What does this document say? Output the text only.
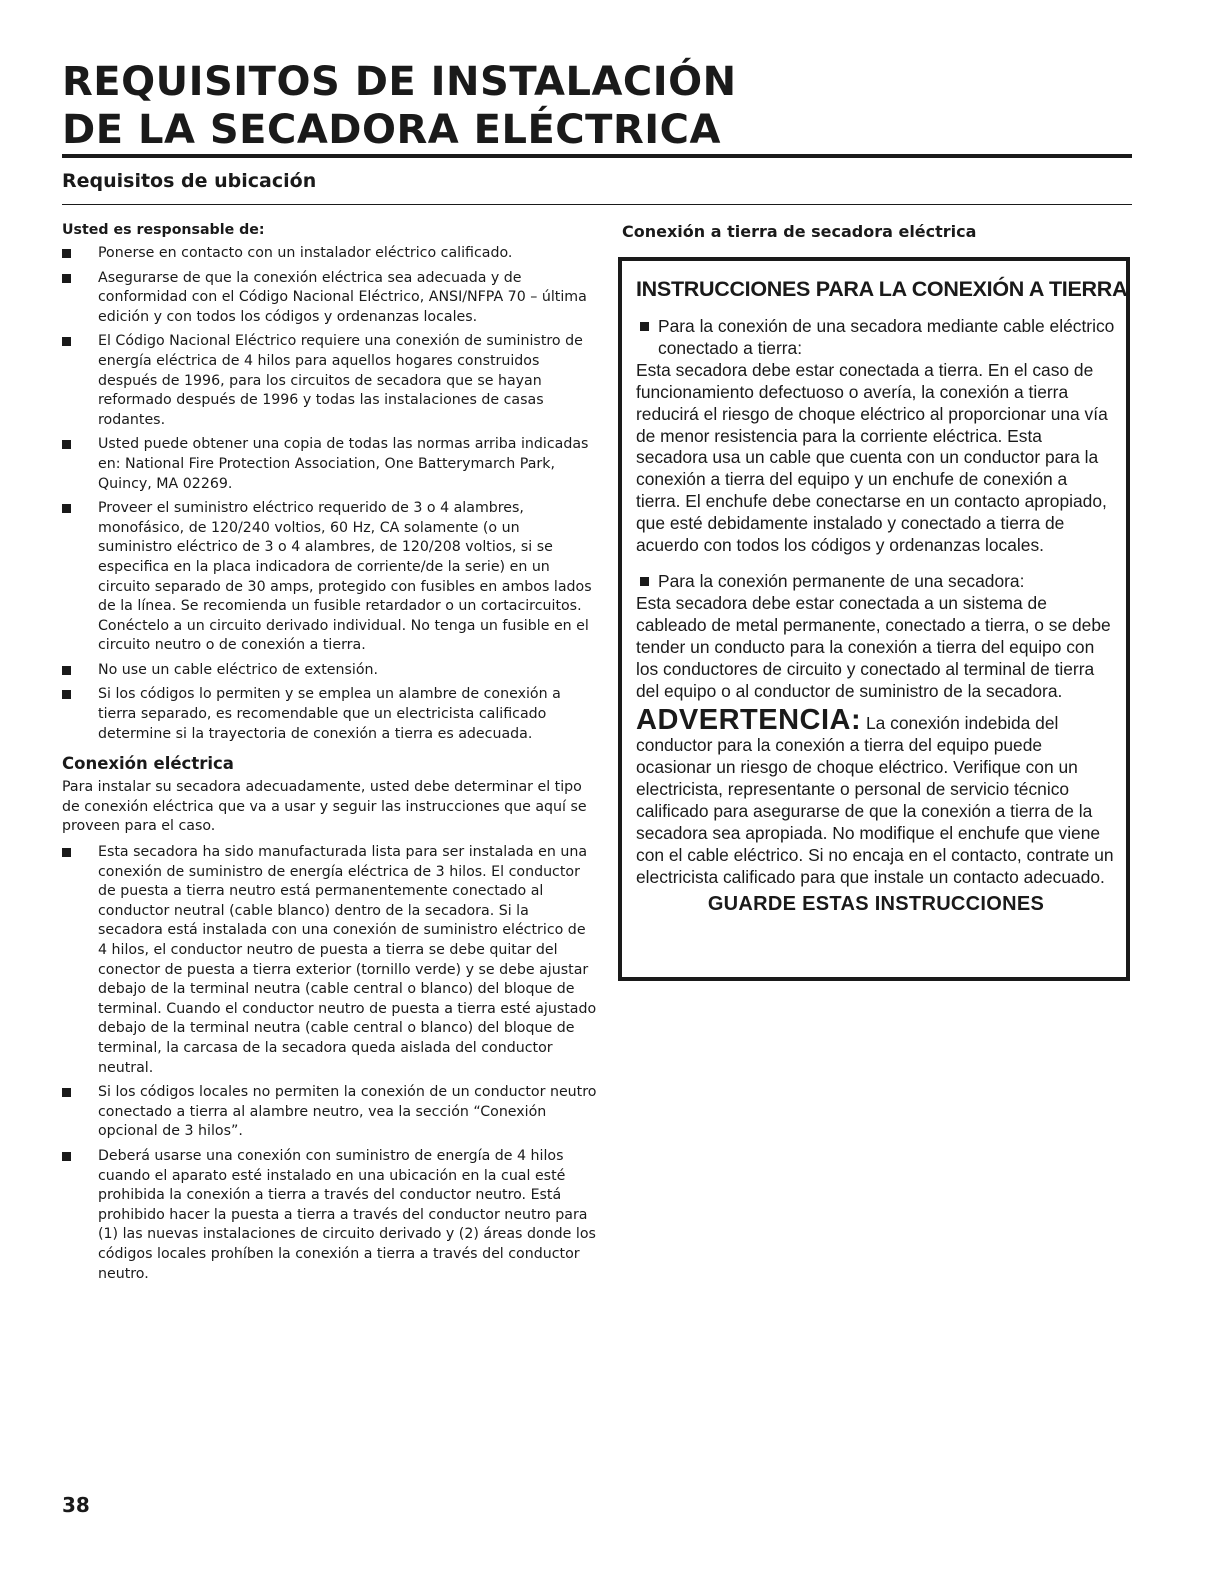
REQUISITOS DE INSTALACIÓN
DE LA SECADORA ELÉCTRICA
Requisitos de ubicación

Usted es responsable de:

Ponerse en contacto con un instalador eléctrico calificado.
Asegurarse de que la conexión eléctrica sea adecuada y de conformidad con el Código Nacional Eléctrico, ANSI/NFPA 70 – última edición y con todos los códigos y ordenanzas locales.
El Código Nacional Eléctrico requiere una conexión de suministro de energía eléctrica de 4 hilos para aquellos hogares construidos después de 1996, para los circuitos de secadora que se hayan reformado después de 1996 y todas las instalaciones de casas rodantes.
Usted puede obtener una copia de todas las normas arriba indicadas en: National Fire Protection Association, One Batterymarch Park, Quincy, MA 02269.
Proveer el suministro eléctrico requerido de 3 o 4 alambres, monofásico, de 120/240 voltios, 60 Hz, CA solamente (o un suministro eléctrico de 3 o 4 alambres, de 120/208 voltios, si se especifica en la placa indicadora de corriente/de la serie) en un circuito separado de 30 amps, protegido con fusibles en ambos lados de la línea. Se recomienda un fusible retardador o un cortacircuitos. Conéctelo a un circuito derivado individual. No tenga un fusible en el circuito neutro o de conexión a tierra.
No use un cable eléctrico de extensión.
Si los códigos lo permiten y se emplea un alambre de conexión a tierra separado, es recomendable que un electricista calificado determine si la trayectoria de conexión a tierra es adecuada.
Conexión eléctrica

Para instalar su secadora adecuadamente, usted debe determinar el tipo de conexión eléctrica que va a usar y seguir las instrucciones que aquí se proveen para el caso.

Esta secadora ha sido manufacturada lista para ser instalada en una conexión de suministro de energía eléctrica de 3 hilos. El conductor de puesta a tierra neutro está permanentemente conectado al conductor neutral (cable blanco) dentro de la secadora. Si la secadora está instalada con una conexión de suministro eléctrico de 4 hilos, el conductor neutro de puesta a tierra se debe quitar del conector de puesta a tierra exterior (tornillo verde) y se debe ajustar debajo de la terminal neutra (cable central o blanco) del bloque de terminal. Cuando el conductor neutro de puesta a tierra esté ajustado debajo de la terminal neutra (cable central o blanco) del bloque de terminal, la carcasa de la secadora queda aislada del conductor neutral.
Si los códigos locales no permiten la conexión de un conductor neutro conectado a tierra al alambre neutro, vea la sección “Conexión opcional de 3 hilos”.
Deberá usarse una conexión con suministro de energía de 4 hilos cuando el aparato esté instalado en una ubicación en la cual esté prohibida la conexión a tierra a través del conductor neutro. Está prohibido hacer la puesta a tierra a través del conductor neutro para (1) las nuevas instalaciones de circuito derivado y (2) áreas donde los códigos locales prohíben la conexión a tierra a través del conductor neutro.
Conexión a tierra de secadora eléctrica
INSTRUCCIONES PARA LA CONEXIÓN A TIERRA

Para la conexión de una secadora mediante cable eléctrico conectado a tierra:

Esta secadora debe estar conectada a tierra. En el caso de funcionamiento defectuoso o avería, la conexión a tierra reducirá el riesgo de choque eléctrico al proporcionar una vía de menor resistencia para la corriente eléctrica. Esta secadora usa un cable que cuenta con un conductor para la conexión a tierra del equipo y un enchufe de conexión a tierra. El enchufe debe conectarse en un contacto apropiado, que esté debidamente instalado y conectado a tierra de acuerdo con todos los códigos y ordenanzas locales.

Para la conexión permanente de una secadora:

Esta secadora debe estar conectada a un sistema de cableado de metal permanente, conectado a tierra, o se debe tender un conducto para la conexión a tierra del equipo con los conductores de circuito y conectado al terminal de tierra del equipo o al conductor de suministro de la secadora.

ADVERTENCIA: La conexión indebida del conductor para la conexión a tierra del equipo puede ocasionar un riesgo de choque eléctrico. Verifique con un electricista, representante o personal de servicio técnico calificado para asegurarse de que la conexión a tierra de la secadora sea apropiada. No modifique el enchufe que viene con el cable eléctrico. Si no encaja en el contacto, contrate un electricista calificado para que instale un contacto adecuado.

GUARDE ESTAS INSTRUCCIONES
38
